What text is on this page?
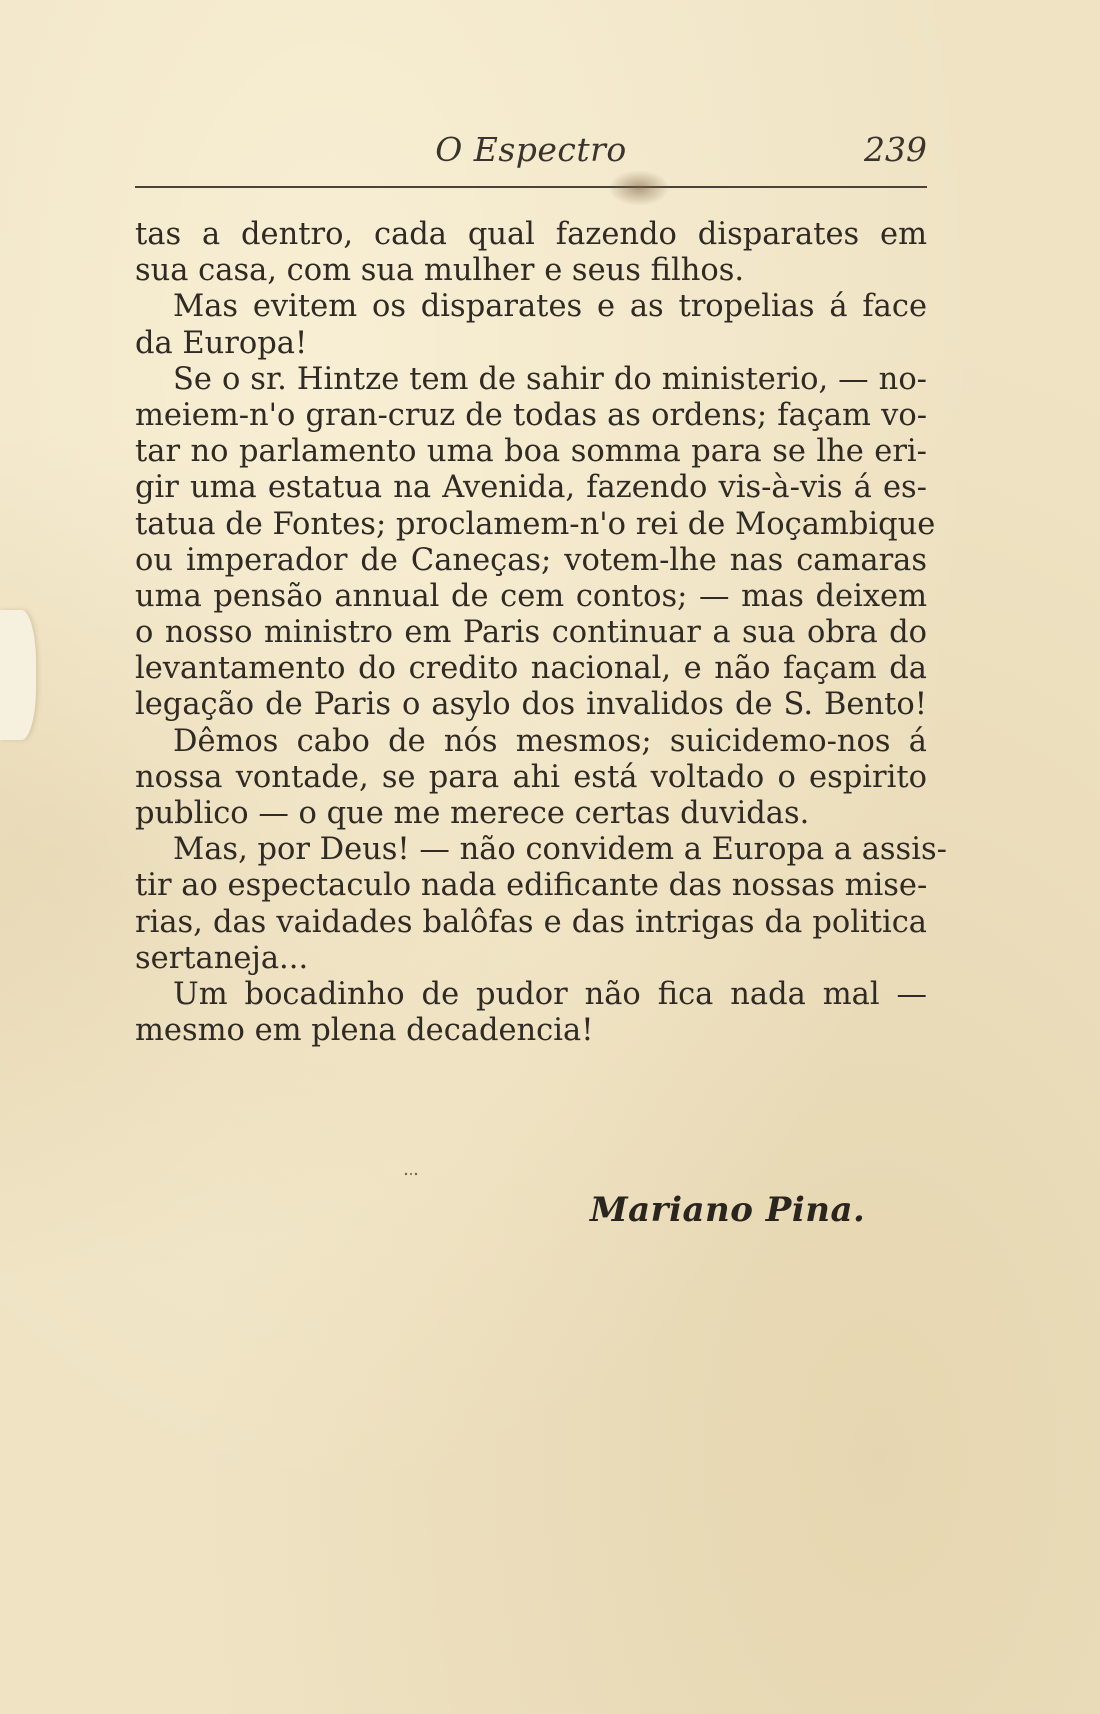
O Espectro	239
tas a dentro, cada qual fazendo disparates em
sua casa, com sua mulher e seus filhos.
Mas evitem os disparates e as tropelias á face
da Europa!
Se o sr. Hintze tem de sahir do ministerio, — no-
meiem-n'o gran-cruz de todas as ordens; façam vo-
tar no parlamento uma boa somma para se lhe eri-
gir uma estatua na Avenida, fazendo vis-à-vis á es-
tatua de Fontes; proclamem-n'o rei de Moçambique
ou imperador de Caneças; votem-lhe nas camaras
uma pensão annual de cem contos; — mas deixem
o nosso ministro em Paris continuar a sua obra do
levantamento do credito nacional, e não façam da
legação de Paris o asylo dos invalidos de S. Bento!
Dêmos cabo de nós mesmos; suicidemo-nos á
nossa vontade, se para ahi está voltado o espirito
publico — o que me merece certas duvidas.
Mas, por Deus! — não convidem a Europa a assis-
tir ao espectaculo nada edificante das nossas mise-
rias, das vaidades balôfas e das intrigas da politica
sertaneja...
Um bocadinho de pudor não fica nada mal —
mesmo em plena decadencia!
Mariano Pina.
